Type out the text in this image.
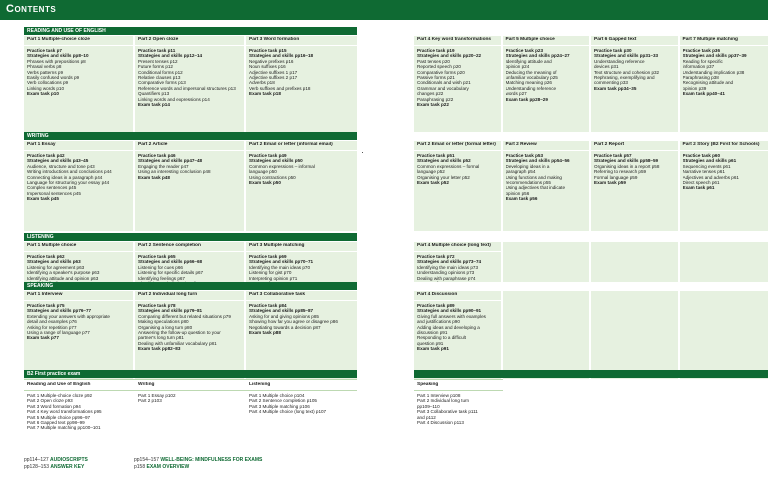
Contents
READING AND USE OF ENGLISH
Part 1 Multiple-choice cloze
Practice task p7
Strategies and skills pp8–10
Phrases with prepositions p8
Phrasal verbs p8
Verbs patterns p9
Easily confused words p9
Verb collocations p9
Linking words p10
Exam task p10
Part 2 Open cloze
Practice task p11
Strategies and skills pp12–14
Present tenses p12
Future forms p12
Conditional forms p12
Relative clauses p13
Comparative forms p13
Reference words and impersonal structures p13
Quantifiers p13
Linking words and expressions p14
Exam task p14
Part 3 Word formation
Practice task p15
Strategies and skills pp16–18
Negative prefixes p16
Noun suffixes p16
Adjective suffixes 1 p17
Adjective suffixes 2 p17
Adverbs p18
Verb suffixes and prefixes p18
Exam task p18
WRITING
Part 1 Essay
Practice task p42
Strategies and skills p43–45
Audience, structure and tone p43
Writing introductions and conclusions p44
Connecting ideas in a paragraph p44
Language for structuring your essay p44
Complex sentences p45
Impersonal sentences p45
Exam task p45
Part 2 Article
Practice task p46
Strategies and skills pp47–48
Engaging the reader p47
Using an interesting conclusion p48
Exam task p48
Part 2 Email or letter (informal email)
Practice task p49
Strategies and skills p50
Common expressions – informal
language p50
Using contractions p50
Exam task p50
LISTENING
Part 1 Multiple choice
Practice task p62
Strategies and skills p63
Listening for agreement p63
Identifying a speaker's purpose p63
Identifying attitude and opinion p63
Part 2 Sentence completion
Practice task p65
Strategies and skills pp66–68
Listening for cues p66
Listening for specific details p67
Identifying feelings p67
Part 3 Multiple matching
Practice task p69
Strategies and skills pp70–71
Identifying the main ideas p70
Listening for gist p70
Interpreting opinion p71
SPEAKING
Part 1 Interview
Practice task p75
Strategies and skills pp76–77
Extending your answers with appropriate
detail and examples p76
Asking for repetition p77
Using a range of language p77
Exam task p77
Part 2 Individual long turn
Practice task p78
Strategies and skills pp79–81
Comparing different but related situations p79
Making speculations p80
Organising a long turn p80
Answering the follow-up question to your
partner's long turn p81
Dealing with unfamiliar vocabulary p81
Exam task pp82–83
Part 3 Collaborative task
Practice task p84
Strategies and skills pp85–87
Asking for and giving opinions p85
Showing how far you agree or disagree p86
Negotiating towards a decision p87
Exam task p88
B2 First practice exam
Reading and Use of English
Part 1 Multiple-choice cloze p92
Part 2 Open cloze p93
Part 3 Word formation p94
Part 4 Key word transformations p95
Part 5 Multiple choice pp96–97
Part 6 Gapped text pp98–99
Part 7 Multiple matching pp100–101
Writing
Part 1 Essay p102
Part 2 p103
Listening
Part 1 Multiple choice p104
Part 2 Sentence completion p105
Part 3 Multiple matching p106
Part 4 Multiple choice (long text) p107
Part 4 Key word transformations
Practice task p19
Strategies and skills pp20–22
Past tenses p20
Reported speech p20
Comparative forms p20
Passive forms p21
Conditionals and wish p21
Grammar and vocabulary
changes p22
Paraphrasing p22
Exam task p22
Part 5 Multiple choice
Practice task p23
Strategies and skills pp24–27
Identifying attitude and
opinion p24
Deducing the meaning of
unfamiliar vocabulary p25
Matching meaning p26
Understanding reference
words p27
Exam task pp28–29
Part 6 Gapped text
Practice task p30
Strategies and skills pp31–33
Understanding reference
devices p31
Text structure and cohesion p32
Rephrasing, exemplifying and
commenting p33
Exam task pp34–35
Part 7 Multiple matching
Practice task p36
Strategies and skills pp37–39
Reading for specific
information p37
Understanding implication p38
Paraphrasing p38
Recognising attitude and
opinion p39
Exam task pp40–41
Part 2 Email or letter (formal letter)
Practice task p51
Strategies and skills p52
Common expressions – formal
language p52
Organising your letter p52
Exam task p52
Part 2 Review
Practice task p53
Strategies and skills pp54–56
Developing ideas in a
paragraph p54
Using functions and making
recommendations p55
Using adjectives that indicate
opinion p56
Exam task p56
Part 2 Report
Practice task p57
Strategies and skills pp58–59
Organising ideas in a report p58
Referring to research p59
Formal language p59
Exam task p59
Part 2 Story (B2 First for Schools)
Practice task p60
Strategies and skills p61
Sequencing events p61
Narrative tenses p61
Adjectives and adverbs p61
Direct speech p61
Exam task p61
Part 4 Multiple choice (long text)
Practice task p72
Strategies and skills pp73–74
Identifying the main ideas p73
Understanding opinions p73
Dealing with paraphrase p74
Part 4 Discussion
Practice task p89
Strategies and skills pp90–91
Giving full answers with examples
and justifications p90
Adding ideas and developing a
discussion p91
Responding to a difficult
question p91
Exam task p91
Speaking
Part 1 Interview p108
Part 2 Individual long turn
pp109–110
Part 3 Collaborative task p111
and p112
Part 4 Discussion p113
pp114–127 AUDIOSCRIPTS
pp128–153 ANSWER KEY
pp154–157 WELL-BEING: MINDFULNESS FOR EXAMS
p158 EXAM OVERVIEW
